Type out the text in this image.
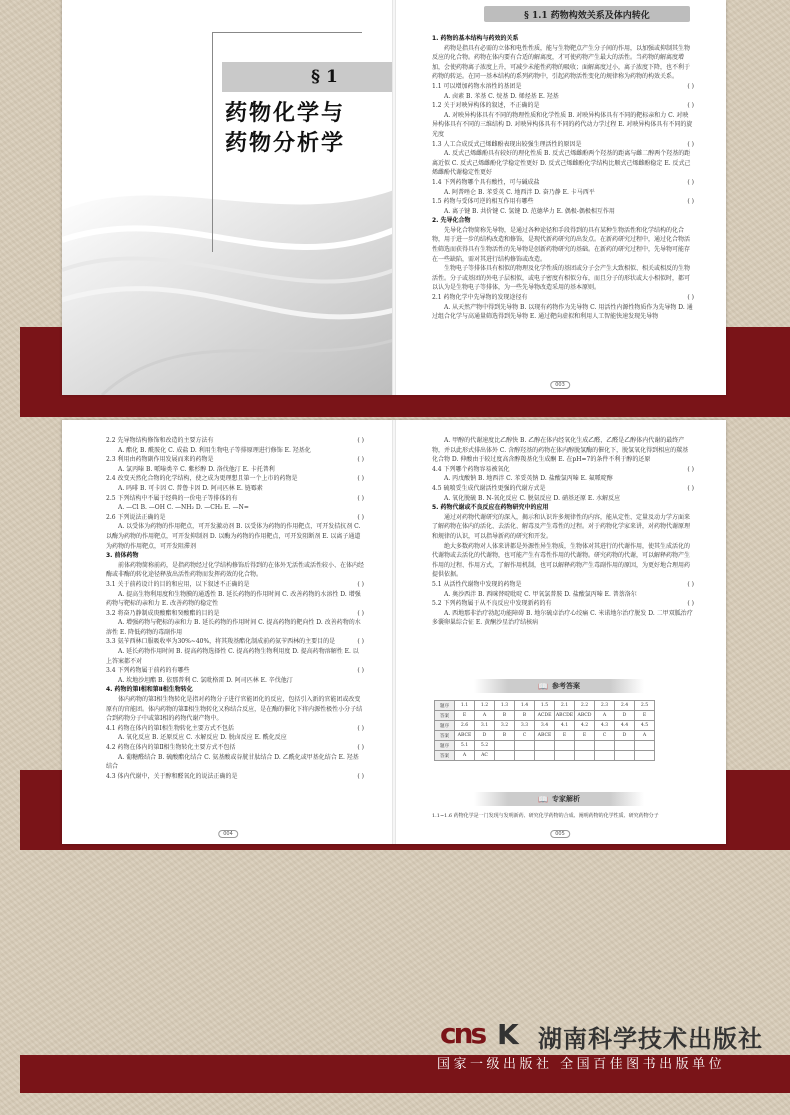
§ 1
药物化学与
药物分析学
§ 1.1 药物构效关系及体内转化

1. 药物的基本结构与药效的关系

药物是指具有必需的立体和电性性质，能与生物靶点产生分子间的作用，以加强或抑制其生物反应的化合物。药物在体内要有合适的解离度，才可使药物产生最大的活性。当药物的解离度增加，会使药物离子浓度上升，可减少未能性药物的吸收；面解离度过小，离子浓度下降，也不利于药物的转运。在同一基本结构的系列药物中，引起药物活性变化的规律称为药物的构效关系。

1.1 可以增加药物水溶性的基团是	( )

A. 卤素 B. 苯基 C. 烷基 D. 烯烃基 E. 羟基

1.2 关于对映异构体的叙述，不正确的是	( )

A. 对映异构体具有不同的物理性质和化学性质 B. 对映异构体具有不同的靶标亲和力 C. 对映异构体具有不同的三维结构 D. 对映异构体具有不同的药代动力学过程 E. 对映异构体具有不同的旋光度

1.3 人工合成反式己烯雌酚表现出较强生理活性的原因是	( )

A. 反式己烯雌酚具有较好的理化性质 B. 反式己烯雌酚两个羟基的距离与雌二醇两个羟基的距离近似 C. 反式己烯雌酚化学稳定性更好 D. 反式己烯雌酚化学结构比顺式己烯雌酚稳定 E. 反式己烯雌酚代谢稳定性更好

1.4 下列药物哪个具有酸性，可与碱成盐	( )

A. 阿普唑仑 B. 苯妥英 C. 地西泮 D. 奋乃静 E. 卡马西平

1.5 药物与受体可逆的相互作用有哪些	( )

A. 离子键 B. 共价键 C. 氢键 D. 范德华力 E. 偶极-偶极相互作用

2. 先导化合物

先导化合物简称先导物，是通过各种途径和手段得到的具有某种生物活性和化学结构的化合物，用于进一步的结构改造和修饰，是现代新药研究的出发点。在新药研究过程中，通过化合物活性筛选而获得具有生物活性的先导物是创新药物研究的基础。在新药的研究过程中，先导物可能存在一些缺陷，需对其进行结构修饰或改造。

生物电子等排体具有相似的物理及化学性质的基团或分子会产生大致相似、相关或相反的生物活性。分子或基团的外电子层相似，或电子密度有相似分布，而且分子的形状或大小相似时，都可以认为是生物电子等排体，为一些先导物改造采用的基本原则。

2.1 药物化学中先导物的发现途径有	( )

A. 从天然产物中得到先导物 B. 以现有药物作为先导物 C. 用活性内源性物质作为先导物 D. 通过组合化学与高通量筛选得到先导物 E. 通过靶向虚拟和利用人工智能快速发现先导物

003
2.2 先导物结构修饰和改造的主要方法有	( )

A. 酯化 B. 酰胺化 C. 成盐 D. 利用生物电子等排原理进行修饰 E. 羟基化

2.3 利用由药物副作用发展而来的药物是	( )

A. 氯丙嗪 B. 哌嗪类辛 C. 紫杉醇 D. 洛伐他汀 E. 卡托普利

2.4 改变天然化合物的化学结构，使之成为更理想且第一个上市的药物是	( )

A. 吗啡 B. 可卡因 C. 普鲁卡因 D. 阿司匹林 E. 链霉素

2.5 下列结构中不属于经典的一价电子等排体的有	( )

A. —Cl B. —OH C. —NH₂ D. —CH₃ E. —N=

2.6 下列说法正确的是	( )

A. 以受体为药物的作用靶点，可开发激动剂 B. 以受体为药物的作用靶点，可开发拮抗剂 C. 以酶为药物的作用靶点，可开发抑制剂 D. 以酶为药物的作用靶点，可开发阻断剂 E. 以离子通道为药物的作用靶点，可开发阻滞剂

3. 前体药物

前体药物简称前药，是指药物经过化学结构修饰后得到的在体外无活性或活性较小、在体内经酶或非酶的转化途径释放出活性药物而发挥药效的化合物。

3.1 关于前药设计的目的和应用，以下叙述不正确的是	( )

A. 提高生物利用度和生物膜的通透性 B. 延长药物的作用时间 C. 改善药物的水溶性 D. 增强药物与靶标的亲和力 E. 改善药物的稳定性

3.2 将奋乃静制成庚酸酯和癸酸酯的目的是	( )

A. 增强药物与靶标的亲和力 B. 延长药物的作用时间 C. 提高药物的靶向性 D. 改善药物的水溶性 E. 降低药物的毒副作用

3.3 氨苄西林口服吸收率为30%~40%，将其羧基酯化制成前药氨苄西林的主要目的是	( )

A. 延长药物作用时间 B. 提高药物选择性 C. 提高药物生物利用度 D. 提高药物溶解性 E. 以上答案都不对

3.4 下列药物属于前药的有哪些	( )

A. 坎地沙坦酯 B. 依那普利 C. 氯吡格雷 D. 阿司匹林 E. 辛伐他汀

4. 药物的第Ⅰ相和第Ⅱ相生物转化

体内药物的第Ⅰ相生物转化是指对药物分子进行官能团化的反应，包括引入新的官能团或改变原有的官能团。体内药物的第Ⅱ相生物转化又称结合反应，是在酶的催化下将内源性极性小分子结合到药物分子中或第Ⅰ相的药物代谢产物中。

4.1 药物在体内的第Ⅰ相生物转化主要方式不包括	( )

A. 氧化反应 B. 还原反应 C. 水解反应 D. 脱卤反应 E. 酰化反应

4.2 药物在体内的第Ⅱ相生物转化主要方式不包括	( )

A. 葡糖醛结合 B. 硫酸酯化结合 C. 氨基酸或谷胱甘肽结合 D. 乙酰化或甲基化结合 E. 羟基结合

4.3 体内代谢中，关于醇和醛氧化的说法正确的是	( )
004

A. 甲醇的代谢速度比乙醇快 B. 乙醇在体内经氧化生成乙醛，乙醛是乙醇体内代谢的最终产物，并以此形式排出体外 C. 含醇羟基的药物在体内醇脱氢酶的催化下，脱氢氧化得到相应的羰基化合物 D. 伸酸由于较过度高含醇羧基化生成酮 E. 在pH=7的条件不利于醇的还原

4.4 下列哪个药物容易被氧化	( )

A. 丙戊酸钠 B. 地西泮 C. 苯妥英钠 D. 盐酸氯丙嗪 E. 氟哌啶醇

4.5 硫喷妥生成代谢活性更强的代谢方式是	( )

A. 氧化脱硫 B. N-氧化反应 C. 脱氨反应 D. 硝基还原 E. 水解反应

5. 药物代谢或不良反应在药物研究中的应用

通过对药物代谢研究的深入，揭示和认识许多规律性的内容，能从定性、定量及动力学方面来了解药物在体内的活化、去活化、解毒及产生毒性的过程。对于药物化学家来讲，对药物代谢原理和规律的认识，可以指导新药的研究和开发。

绝大多数药物对人体来讲都是外源性异生物质，生物体对其进行的代谢作用，使其生成活化的代谢物或去活化的代谢物，也可能产生有毒性作用的代谢物。研究药物的代谢，可以解释药物产生作用的过程、作用方式，了解作用机制，也可以解释药物产生毒副作用的原因，为更好地合理用药提供依据。

5.1 从活性代谢物中发现的药物是	( )

A. 奥沙西泮 B. 西咪替啶吡啶 C. 甲氧氯普胺 D. 盐酸氯丙嗪 E. 普萘洛尔

5.2 下列药物属于从不良反应中发现新药的有	( )

A. 西地那非治疗勃起功能障碍 B. 地尔硫卓治疗心绞痛 C. 米诺地尔治疗脱发 D. 二甲双胍治疗多囊卵巢综合征 E. 黄酮沙星治疗结核病

📖 参考答案
题序	1.1	1.2	1.3	1.4	1.5	2.1	2.2	2.3	2.4	2.5
答案	E	A	B	B	ACDE	ABCDE	ABCD	A	D	E
题序	2.6	3.1	3.2	3.3	3.4	4.1	4.2	4.3	4.4	4.5
答案	ABCE	D	B	C	ABCE	E	E	C	D	A
题序	5.1	5.2								
答案	A	AC								
📖 专家解析
1.1~1.6 药物化学是一门发现与发明新药、研究化学药物的合成、阐明药物的化学性质、研究药物分子
005
cns K 湖南科学技术出版社
国家一级出版社 全国百佳图书出版单位
